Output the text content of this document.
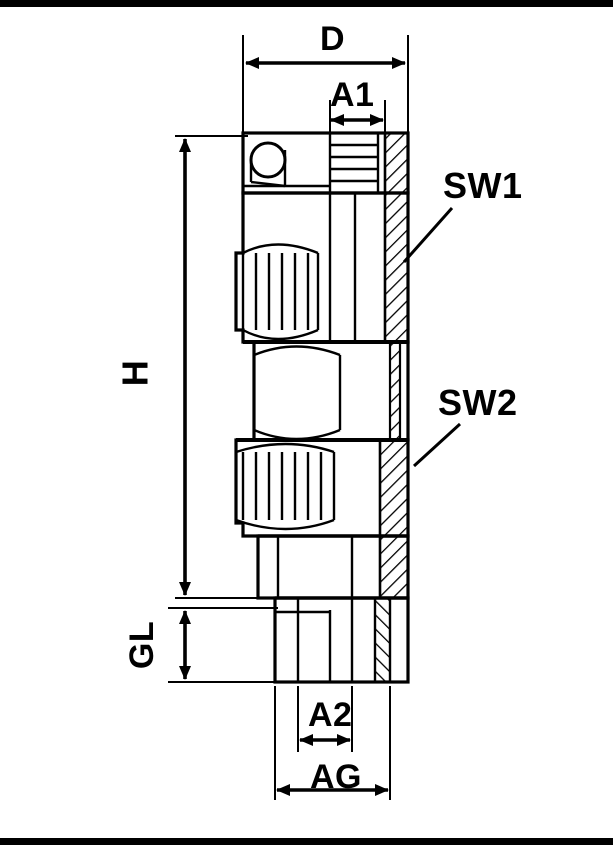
D
A1
SW1
SW2
H
GL
A2
AG
